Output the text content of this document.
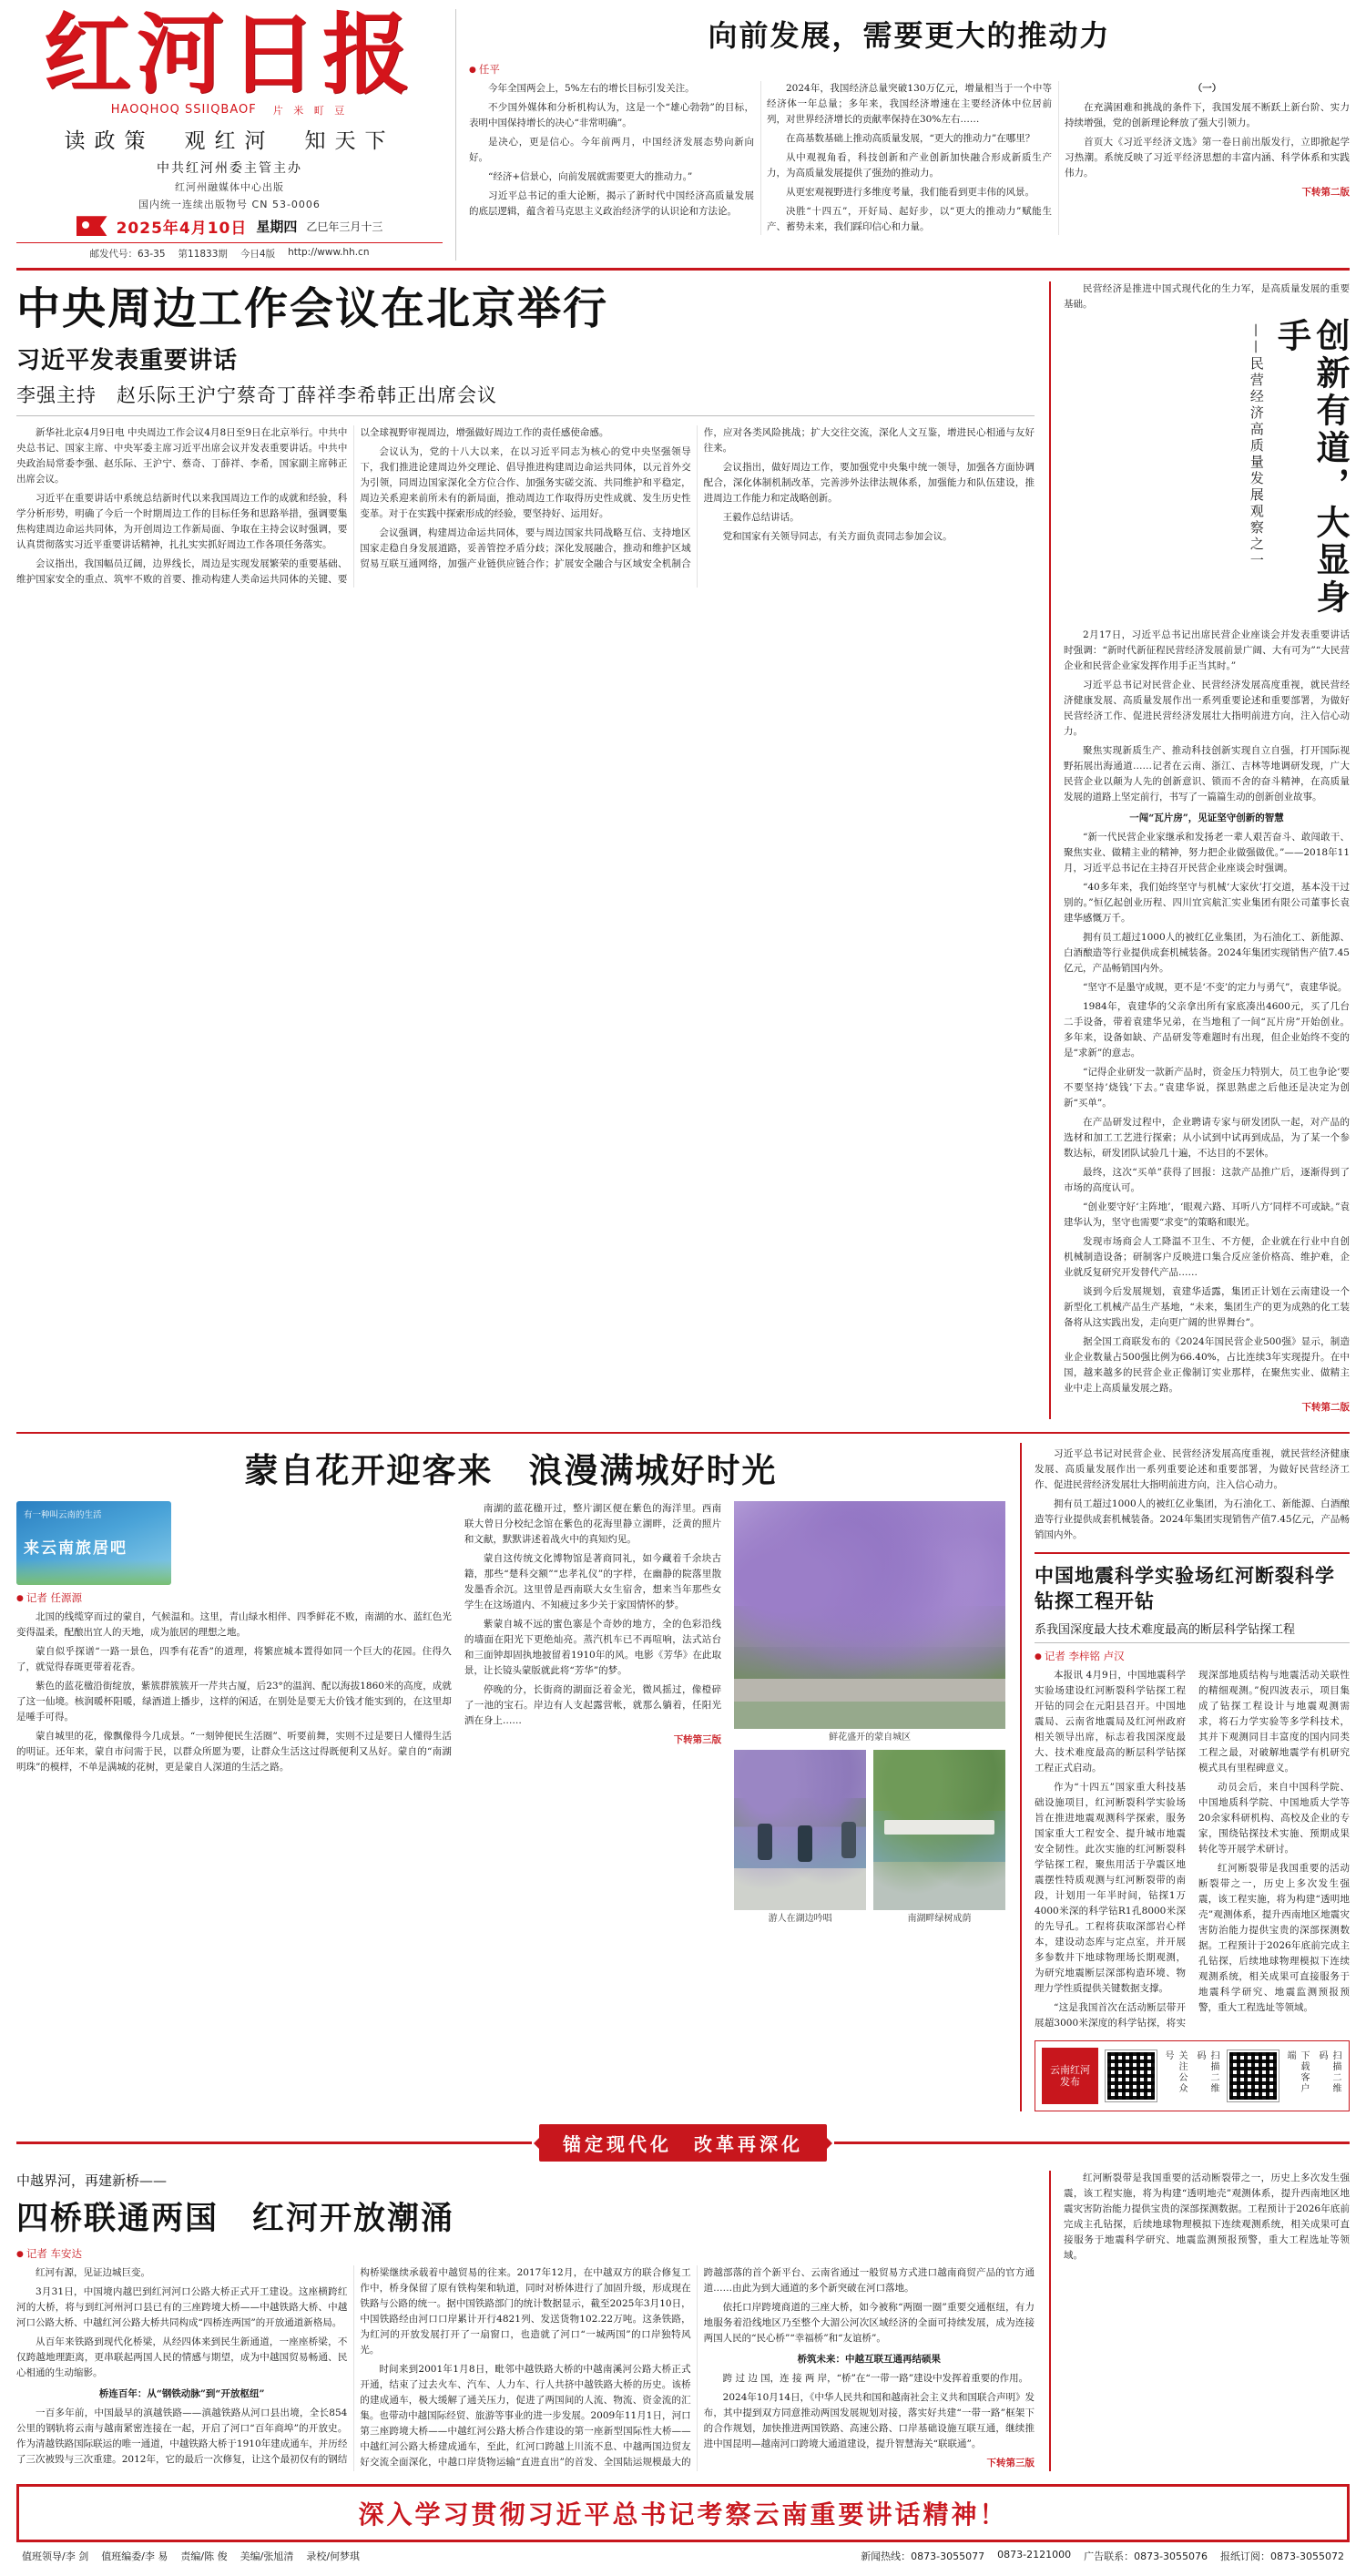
红河日报
HAOQHOQ SSIIQBAOF 片 米 町 豆
读政策　观红河　知天下
中共红河州委主管主办
红河州融媒体中心出版
国内统一连续出版物号 CN 53-0006
2025年4月10日 星期四 乙巳年三月十三
邮发代号：63-35 第11833期 今日4版 http://www.hh.cn
向前发展，需要更大的推动力
● 任平

今年全国两会上，5%左右的增长目标引发关注。

不少国外媒体和分析机构认为，这是一个“雄心勃勃”的目标，表明中国保持增长的决心“非常明确”。

是决心，更是信心。今年前两月，中国经济发展态势向新向好。

“经济+信景心，向前发展就需要更大的推动力。”

习近平总书记的重大论断，揭示了新时代中国经济高质量发展的底层逻辑，蕴含着马克思主义政治经济学的认识论和方法论。

2024年，我国经济总量突破130万亿元，增量相当于一个中等经济体一年总量；多年来，我国经济增速在主要经济体中位居前列，对世界经济增长的贡献率保持在30%左右……

在高基数基础上推动高质量发展，“更大的推动力”在哪里？

从中观视角看，科技创新和产业创新加快融合形成新质生产力，为高质量发展提供了强劲的推动力。

从更宏观视野进行多维度考量，我们能看到更丰伟的风景。

决胜“十四五”，开好局、起好步，以“更大的推动力”赋能生产、蓄势未来，我们踩印信心和力量。

（一）

在充满困难和挑战的条件下，我国发展不断跃上新台阶、实力持续增强，党的创新理论释放了强大引领力。

首页大《习近平经济文选》第一卷日前出版发行，立即掀起学习热潮。系统反映了习近平经济思想的丰富内涵、科学体系和实践伟力。

下转第二版

中央周边工作会议在北京举行
习近平发表重要讲话
李强主持　赵乐际王沪宁蔡奇丁薛祥李希韩正出席会议

新华社北京4月9日电 中央周边工作会议4月8日至9日在北京举行。中共中央总书记、国家主席、中央军委主席习近平出席会议并发表重要讲话。中共中央政治局常委李强、赵乐际、王沪宁、蔡奇、丁薛祥、李希，国家副主席韩正出席会议。

习近平在重要讲话中系统总结新时代以来我国周边工作的成就和经验，科学分析形势，明确了今后一个时期周边工作的目标任务和思路举措，强调要集焦构建周边命运共同体，为开创周边工作新局面、争取在主持会议时强调，要认真贯彻落实习近平重要讲话精神，扎扎实实抓好周边工作各项任务落实。

会议指出，我国幅员辽阔，边界线长，周边是实现发展繁荣的重要基础、维护国家安全的重点、筑牢不败的首要、推动构建人类命运共同体的关键、要以全球视野审视周边，增强做好周边工作的责任感使命感。

会议认为，党的十八大以来，在以习近平同志为核心的党中央坚强领导下，我们推进论建周边外交理论、倡导推进构建周边命运共同体，以元首外交为引领，同周边国家深化全方位合作、加强务实磋交流、共同维护和平稳定，周边关系迎来前所未有的新局面，推动周边工作取得历史性成就、发生历史性变革。对于在实践中探索形成的经验，要坚持好、运用好。

会议强调，构建周边命运共同体，要与周边国家共同战略互信、支持地区国家走稳自身发展道路，妥善管控矛盾分歧；深化发展融合，推动和维护区域贸易互联互通网络，加强产业链供应链合作；扩展安全融合与区域安全机制合作，应对各类风险挑战；扩大交往交流，深化人文互鉴，增进民心相通与友好往来。

会议指出，做好周边工作，要加强党中央集中统一领导，加强各方面协调配合，深化体制机制改革，完善涉外法律法规体系，加强能力和队伍建设，推进周边工作能力和定战略创新。

王毅作总结讲话。

党和国家有关领导同志，有关方面负责同志参加会议。

民营经济是推进中国式现代化的生力军，是高质量发展的重要基础。

——民营经济高质量发展观察之一	创新有道，大显身手

2月17日，习近平总书记出席民营企业座谈会并发表重要讲话时强调：“新时代新征程民营经济发展前景广阔、大有可为”“大民营企业和民营企业家发挥作用手正当其时。”

习近平总书记对民营企业、民营经济发展高度重视，就民营经济健康发展、高质量发展作出一系列重要论述和重要部署，为做好民营经济工作、促进民营经济发展壮大指明前进方向，注入信心动力。

聚焦实现新质生产、推动科技创新实现自立自强，打开国际视野拓展出海通道……记者在云南、浙江、吉林等地调研发现，广大民营企业以颠为人先的创新意识、锁而不舍的奋斗精神，在高质量发展的道路上坚定前行，书写了一篇篇生动的创新创业故事。

一闯“瓦片房”，见证坚守创新的智慧

“新一代民营企业家继承和发扬老一辈人艰苦奋斗、敢闯敢干、聚焦实业、做精主业的精神，努力把企业做强做优。”——2018年11月，习近平总书记在主持召开民营企业座谈会时强调。

“40多年来，我们始终坚守与机械‘大家伙’打交道，基本没干过别的。”恒亿起创业历程、四川宜宾航汇实业集团有限公司董事长袁建华感慨万千。

拥有员工超过1000人的被红亿业集团，为石油化工、新能源、白酒酿造等行业提供成套机械装备。2024年集团实现销售产值7.45亿元，产品畅销国内外。

“坚守不是墨守成规，更不是‘不变’的定力与勇气”，袁建华说。

1984年，袁建华的父亲拿出所有家底凑出4600元，买了几台二手设备，带着袁建华兄弟，在当地租了一间“瓦片房”开始创业。多年来，设备如缺、产品研发等难题时有出现，但企业始终不变的是“求新”的意志。

“记得企业研发一款新产品时，资金压力特别大，员工也争论‘要不要坚持’烧钱’下去。”袁建华说，探思熟虑之后他还是决定为创新“买单”。

在产品研发过程中，企业聘请专家与研发团队一起，对产品的选材和加工工艺进行探索；从小试到中试再到成品，为了某一个参数达标，研发团队试验几十遍，不达目的不罢休。

最终，这次“买单”获得了回报：这款产品推广后，逐渐得到了市场的高度认可。

“创业要守好‘主阵地’，‘眼观六路、耳听八方’同样不可或缺。”袁建华认为，坚守也需要“求变”的策略和眼光。

发现市场商会人工降温不卫生、不方便，企业就在行业中自创机械制造设备；研制客户反映进口集合反应釜价格高、维护难，企业就反复研究开发替代产品……

谈到今后发展规划，袁建华适露，集团正计划在云南建设一个新型化工机械产品生产基地，“未来，集团生产的更为成熟的化工装备将从这实践出发，走向更广阔的世界舞台”。

据全国工商联发布的《2024年国民营企业500强》显示，制造业企业数量占500强比例为66.40%，占比连续3年实现提升。在中国，越来越多的民营企业正像制订实业那样，在聚焦实业、做精主业中走上高质量发展之路。

下转第二版

蒙自花开迎客来　浪漫满城好时光
有一种叫云南的生活
来云南旅居吧
● 记者 任源源

北国的线缆穿而过的蒙自，气候温和。这里，青山绿水相伴、四季鲜花不败，南湖的水、蓝红色光变得温柔，配酿出宜人的天地，成为旅居的理想之地。

蒙自似乎探谱“一路一景色，四季有花香”的道理，将繁庶城本置得如同一个巨大的花园。住得久了，就觉得春斑更带着花香。

紫色的蓝花楹沿街绽放，紫簇群簇簇开一芹共古厦，后23°的温润、配以海拔1860米的高度，成就了这一仙境。核润暖杯阳暖，绿酒道上播步，这样的闲适，在别处是要无大价钱才能实到的，在这里却是唾手可得。

蒙自城里的花，像飘像得今几成景。“一刻钟便民生活圈”、听要前舞，实则不过是要日人懂得生活的明证。还年来，蒙自市问需于民，以群众所愿为要，让群众生活这过得既便利又丛好。蒙自的“南湖明珠”的模样，不单是满城的花树，更是蒙自人深道的生活之路。

南湖的蓝花楹开过，整片湖区便在紫色的海洋里。西南联大曾日分校纪念馆在紫色的花海里静立湖畔，泛黄的照片和文献，默默讲述着战火中的真知灼见。

蒙自这传统文化博物馆是著商同礼，如今藏着千余块古籍，那些“楚科交额”“忠孝礼仪”的字样，在幽静的院落里散发墨香余沉。这里曾是西南联大女生宿舍，想来当年那些女学生在这场道内、不知疲过多少关于家国情怀的梦。

紫蒙自城不远的蜜色寨是个奇妙的地方，全的色彩沿线的墙面在阳光下更绝灿亮。蒸汽机车已不再喧响，法式站台和三面钟却固执地披留着1910年的风。电影《芳华》在此取景，让长镜头蒙版就此将“芳华”的梦。

停晚的分，长街商的湖面泛着金光，微风摇过，像橙碎了一池的宝石。岸边有人支起露营帐，就那么躺着，任阳光洒在身上……

下转第三版	鲜花盛开的蒙自城区
游人在湖边吟唱	南湖畔绿树成荫

习近平总书记对民营企业、民营经济发展高度重视，就民营经济健康发展、高质量发展作出一系列重要论述和重要部署，为做好民营经济工作、促进民营经济发展壮大指明前进方向，注入信心动力。

拥有员工超过1000人的被红亿业集团，为石油化工、新能源、白酒酿造等行业提供成套机械装备。2024年集团实现销售产值7.45亿元，产品畅销国内外。

中国地震科学实验场红河断裂科学钻探工程开钻
系我国深度最大技术难度最高的断层科学钻探工程
● 记者 李梓铭 卢汉

本报讯 4月9日，中国地震科学实验场建设红河断裂科学钻探工程开钻的同会在元阳县召开。中国地震局、云南省地震局及红河州政府相关领导出席，标志着我国深度最大、技术难度最高的断层科学钻探工程正式启动。

作为“十四五”国家重大科技基础设施项目，红河断裂科学实验场旨在推进地震观测科学探索，服务国家重大工程安全、提升城市地震安全韧性。此次实施的红河断裂科学钻探工程，聚焦用活于孕震区地震摆性特质观测与红河断裂带的南段，计划用一年半时间，钻探1万4000米深的科学钻R1孔8000米深的先导孔。工程将获取深部岩心样本，建设动态库与定点室，并开展多参数井下地球物理场长期观测，为研究地震断层深部构造环境、物理力学性质提供关键数据支撑。

“这是我国首次在活动断层带开展超3000米深度的科学钻探，将实现深部地质结构与地震活动关联性的精细观测。”倪四波表示，项目集成了钻探工程设计与地震观测需求，将石力学实验等多学科技术，其并下观测同目丰富度的国内同类工程之最，对破解地震学有机研究模式具有里程碑意义。

动员会后，来自中国科学院、中国地质科学院、中国地质大学等20余家科研机构、高校及企业的专家，围绕钻探技术实施、预期成果转化等开展学术研讨。

红河断裂带是我国重要的活动断裂带之一，历史上多次发生强震，该工程实施，将为构建“透明地壳”观测体系，提升西南地区地震灾害防治能力提供宝贵的深部探测数据。工程预计于2026年底前完成主孔钻探，后续地球物理模拟下连续观测系统，相关成果可直接服务于地震科学研究、地震监测预报预警，重大工程选址等领域。

云南红河发布	关注公众号	扫描二维码	下载客户端	扫描二维码
锚定现代化　改革再深化
中越界河，再建新桥——
四桥联通两国　红河开放潮涌
● 记者 车安达

红河有源，见证边城巨变。

3月31日，中国境内越巴到红河河口公路大桥正式开工建设。这座横跨红河的大桥，将与到红河州河口县已有的三座跨境大桥——中越铁路大桥、中越河口公路大桥、中越红河公路大桥共同构成“四桥连两国”的开放通道新格局。

从百年来铁路到现代化桥梁，从经四体来到民生新通道，一座座桥梁，不仅跨越地理距离，更串联起两国人民的情感与期望，成为中越国贸易畅通、民心相通的生动缩影。

桥连百年：从“钢铁动脉”到“开放枢纽”

一百多年前，中国最早的滇越铁路——滇越铁路从河口县出境，全长854公里的钢轨将云南与越南紧密连接在一起，开启了河口“百年商埠”的开放史。作为清越铁路国际联运的唯一通道，中越铁路大桥于1910年建成通车，并历经了三次被毁与三次重建。2012年，它的最后一次修复，让这个最初仅有的钢结构桥梁继续承载着中越贸易的往来。2017年12月，在中越双方的联合修复工作中，桥身保留了原有铁构架和轨道，同时对桥体进行了加固升级，形成现在铁路与公路的统一。据中国铁路部门的统计数据显示，截至2025年3月10日，中国铁路经由河口口岸累计开行4821列、发送货物102.22万吨。这条铁路，为红河的开放发展打开了一扇窗口，也造就了河口“一城两国”的口岸独特风光。

时间来到2001年1月8日，毗邻中越铁路大桥的中越南溪河公路大桥正式开通，结束了过去火车、汽车、人力车、行人共挤中越铁路大桥的历史。该桥的建成通车，极大缓解了通关压力，促进了两国间的人流、物流、资金流的汇集。也带动中越国际经贸、旅游等事业的进一步发展。2009年11月1日，河口第三座跨境大桥——中越红河公路大桥合作建设的第一座新型国际性大桥——中越红河公路大桥建成通车，至此，红河口跨越上川流不息、中越两国边贸友好交流全面深化，中越口岸货物运输“直进直出”的首发、全国陆运规模最大的跨越部落的首个新平台、云南省通过一般贸易方式进口越南商贸产品的官方通道……由此为到大通道的多个新突破在河口落地。

依托口岸跨境商道的三座大桥，如今被称“两圈一圈”重要交通枢纽，有力地服务着沿线地区乃至整个大湄公河次区域经济的全面可持续发展，成为连接两国人民的“民心桥”“幸福桥”和“友谊桥”。

桥筑未来：中越互联互通再结硕果

跨 过 边 国，连 接 两 岸，“桥”在“一带一路”建设中发挥着重要的作用。

2024年10月14日，《中华人民共和国和越南社会主义共和国联合声明》发布，其中提到双方同意推动两国发展规划对接，落实好共建“一带一路”框架下的合作规划，加快推进两国铁路、高速公路、口岸基础设施互联互通，继续推进中国昆明—越南河口跨境大通道建设，提升智慧海关“联联通”。

下转第三版

红河断裂带是我国重要的活动断裂带之一，历史上多次发生强震，该工程实施，将为构建“透明地壳”观测体系，提升西南地区地震灾害防治能力提供宝贵的深部探测数据。工程预计于2026年底前完成主孔钻探，后续地球物理模拟下连续观测系统，相关成果可直接服务于地震科学研究、地震监测预报预警，重大工程选址等领域。

深入学习贯彻习近平总书记考察云南重要讲话精神！
值班领导/李 剑 值班编委/李 易 责编/陈 俊 美编/张旭清 录校/何梦琪	新闻热线：0873-3055077 0873-2121000 广告联系：0873-3055076 报纸订阅：0873-3055072
